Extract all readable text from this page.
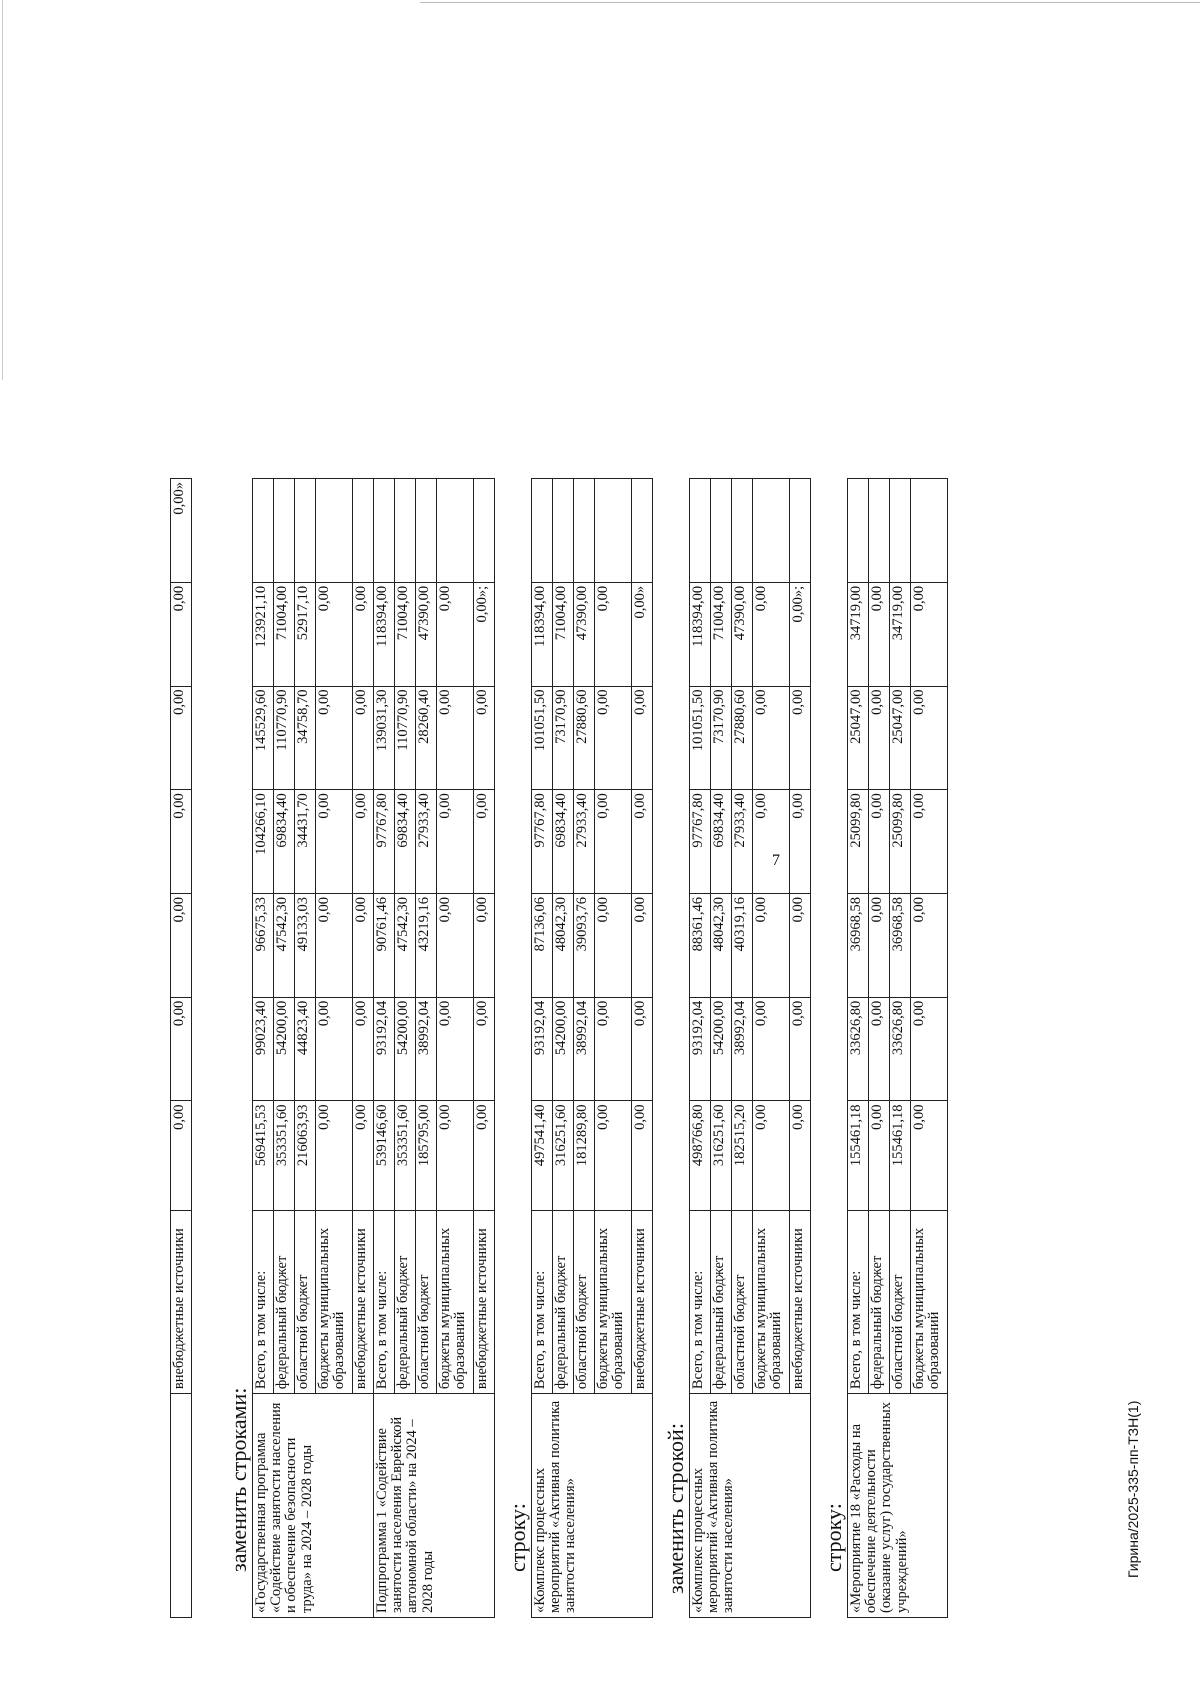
7
Гирина/2025-335-пп-ТЗН(1)
	внебюджетные источники	0,00	0,00	0,00	0,00	0,00	0,00	0,00»

заменить строками: «Государственная программа «Содействие занятости населения и обеспечение безопасности труда» на 2024 – 2028 годы	Всего, в том числе:	569415,53	99023,40	96675,33	104266,10	145529,60	123921,10	
	федеральный бюджет	353351,60	54200,00	47542,30	69834,40	110770,90	71004,00	
	областной бюджет	216063,93	44823,40	49133,03	34431,70	34758,70	52917,10	
	бюджеты муниципальных образований	0,00	0,00	0,00	0,00	0,00	0,00	
	внебюджетные источники	0,00	0,00	0,00	0,00	0,00	0,00	
Подпрограмма 1 «Содействие занятости населения Еврейской автономной области» на 2024 – 2028 годы	Всего, в том числе:	539146,60	93192,04	90761,46	97767,80	139031,30	118394,00	
	федеральный бюджет	353351,60	54200,00	47542,30	69834,40	110770,90	71004,00	
	областной бюджет	185795,00	38992,04	43219,16	27933,40	28260,40	47390,00	
	бюджеты муниципальных образований	0,00	0,00	0,00	0,00	0,00	0,00	
	внебюджетные источники	0,00	0,00	0,00	0,00	0,00	0,00»;	

строку: «Комплекс процессных мероприятий «Активная политика занятости населения»	Всего, в том числе:	497541,40	93192,04	87136,06	97767,80	101051,50	118394,00	
	федеральный бюджет	316251,60	54200,00	48042,30	69834,40	73170,90	71004,00	
	областной бюджет	181289,80	38992,04	39093,76	27933,40	27880,60	47390,00	
	бюджеты муниципальных образований	0,00	0,00	0,00	0,00	0,00	0,00	
	внебюджетные источники	0,00	0,00	0,00	0,00	0,00	0,00»	

заменить строкой: «Комплекс процессных мероприятий «Активная политика занятости населения»	Всего, в том числе:	498766,80	93192,04	88361,46	97767,80	101051,50	118394,00	
	федеральный бюджет	316251,60	54200,00	48042,30	69834,40	73170,90	71004,00	
	областной бюджет	182515,20	38992,04	40319,16	27933,40	27880,60	47390,00	
	бюджеты муниципальных образований	0,00	0,00	0,00	0,00	0,00	0,00	
	внебюджетные источники	0,00	0,00	0,00	0,00	0,00	0,00»;	

строку: «Мероприятие 18 «Расходы на обеспечение деятельности (оказание услуг) государственных учреждений»	Всего, в том числе:	155461,18	33626,80	36968,58	25099,80	25047,00	34719,00	
	федеральный бюджет	0,00	0,00	0,00	0,00	0,00	0,00	
	областной бюджет	155461,18	33626,80	36968,58	25099,80	25047,00	34719,00	
	бюджеты муниципальных образований	0,00	0,00	0,00	0,00	0,00	0,00	
